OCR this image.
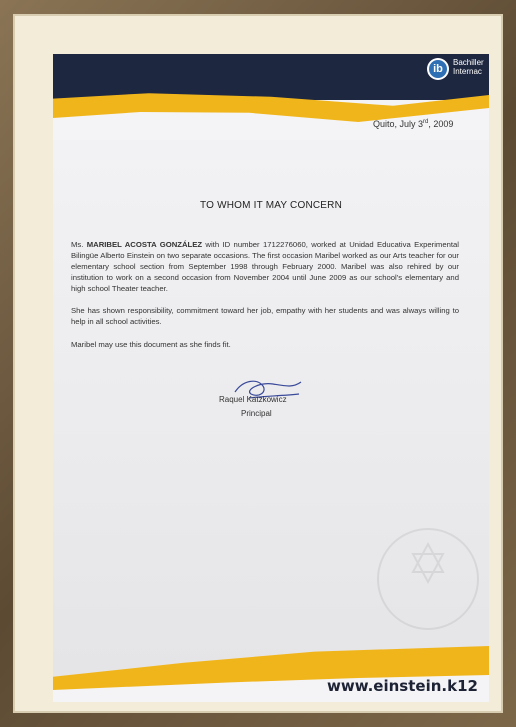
ib
Bachiller
Internac
Quito, July 3rd, 2009
TO WHOM IT MAY CONCERN
Ms. MARIBEL ACOSTA GONZÁLEZ with ID number 1712276060, worked at Unidad Educativa Experimental Bilingüe Alberto Einstein on two separate occasions. The first occasion Maribel worked as our Arts teacher for our elementary school section from September 1998 through February 2000. Maribel was also rehired by our institution to work on a second occasion from November 2004 until June 2009 as our school's elementary and high school Theater teacher.
She has shown responsibility, commitment toward her job, empathy with her students and was always willing to help in all school activities.
Maribel may use this document as she finds fit.
Raquel Katzkowicz
Principal
www.einstein.k12
